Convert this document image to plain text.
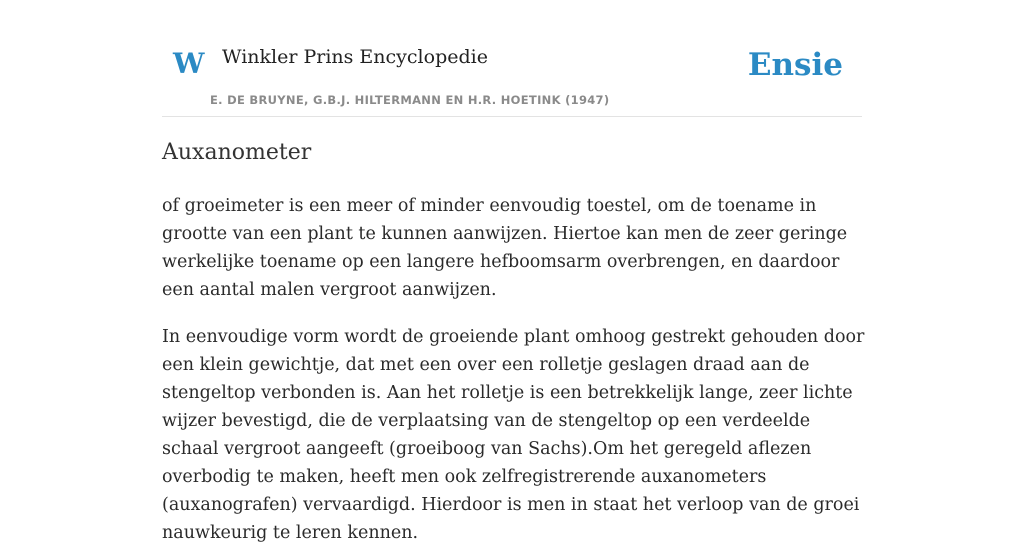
W Winkler Prins Encyclopedie
E. DE BRUYNE, G.B.J. HILTERMANN EN H.R. HOETINK (1947)
Ensie
Auxanometer

of groeimeter is een meer of minder eenvoudig toestel, om de toename in grootte van een plant te kunnen aanwijzen. Hiertoe kan men de zeer geringe werkelijke toename op een langere hefboomsarm overbrengen, en daardoor een aantal malen vergroot aanwijzen.

In eenvoudige vorm wordt de groeiende plant omhoog gestrekt gehouden door een klein gewichtje, dat met een over een rolletje geslagen draad aan de stengeltop verbonden is. Aan het rolletje is een betrekkelijk lange, zeer lichte wijzer bevestigd, die de verplaatsing van de stengeltop op een verdeelde schaal vergroot aangeeft (groeiboog van Sachs).Om het geregeld aflezen overbodig te maken, heeft men ook zelfregistrerende auxanometers (auxanografen) vervaardigd. Hierdoor is men in staat het verloop van de groei nauwkeurig te leren kennen.
